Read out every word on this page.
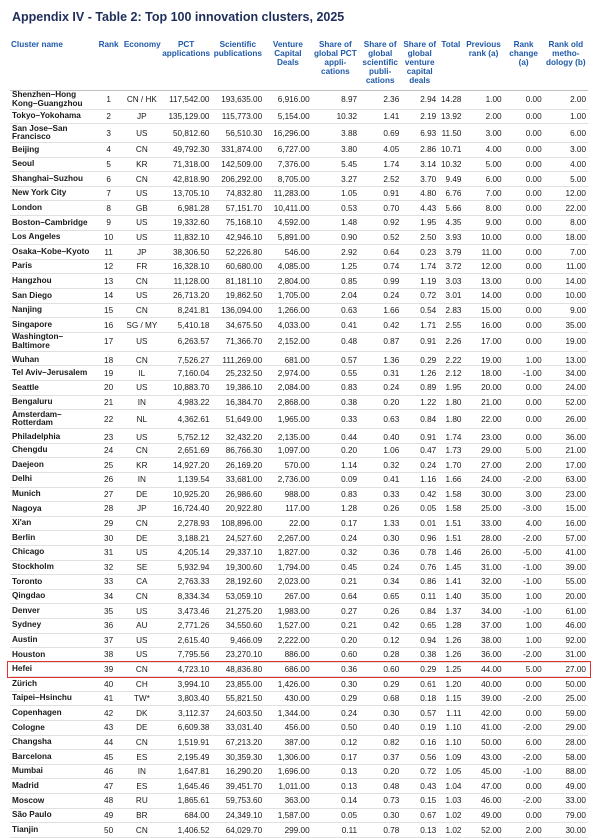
Appendix IV - Table 2: Top 100 innovation clusters, 2025
Cluster name	Rank	Economy	PCT applications	Scientific publications	Venture Capital Deals	Share of global PCT appli-cations	Share of global scientific publi-cations	Share of global venture capital deals	Total	Previous rank (a)	Rank change (a)	Rank old metho-dology (b)
Shenzhen–Hong Kong–Guangzhou	1	CN / HK	117,542.00	193,635.00	6,916.00	8.97	2.36	2.94	14.28	1.00	0.00	2.00
Tokyo–Yokohama	2	JP	135,129.00	115,773.00	5,154.00	10.32	1.41	2.19	13.92	2.00	0.00	1.00
San Jose–San Francisco	3	US	50,812.60	56,510.30	16,296.00	3.88	0.69	6.93	11.50	3.00	0.00	6.00
Beijing	4	CN	49,792.30	331,874.00	6,727.00	3.80	4.05	2.86	10.71	4.00	0.00	3.00
Seoul	5	KR	71,318.00	142,509.00	7,376.00	5.45	1.74	3.14	10.32	5.00	0.00	4.00
Shanghai–Suzhou	6	CN	42,818.90	206,292.00	8,705.00	3.27	2.52	3.70	9.49	6.00	0.00	5.00
New York City	7	US	13,705.10	74,832.80	11,283.00	1.05	0.91	4.80	6.76	7.00	0.00	12.00
London	8	GB	6,981.28	57,151.70	10,411.00	0.53	0.70	4.43	5.66	8.00	0.00	22.00
Boston–Cambridge	9	US	19,332.60	75,168.10	4,592.00	1.48	0.92	1.95	4.35	9.00	0.00	8.00
Los Angeles	10	US	11,832.10	42,946.10	5,891.00	0.90	0.52	2.50	3.93	10.00	0.00	18.00
Osaka–Kobe–Kyoto	11	JP	38,306.50	52,226.80	546.00	2.92	0.64	0.23	3.79	11.00	0.00	7.00
Paris	12	FR	16,328.10	60,680.00	4,085.00	1.25	0.74	1.74	3.72	12.00	0.00	11.00
Hangzhou	13	CN	11,128.00	81,181.10	2,804.00	0.85	0.99	1.19	3.03	13.00	0.00	14.00
San Diego	14	US	26,713.20	19,862.50	1,705.00	2.04	0.24	0.72	3.01	14.00	0.00	10.00
Nanjing	15	CN	8,241.81	136,094.00	1,266.00	0.63	1.66	0.54	2.83	15.00	0.00	9.00
Singapore	16	SG / MY	5,410.18	34,675.50	4,033.00	0.41	0.42	1.71	2.55	16.00	0.00	35.00
Washington–Baltimore	17	US	6,263.57	71,366.70	2,152.00	0.48	0.87	0.91	2.26	17.00	0.00	19.00
Wuhan	18	CN	7,526.27	111,269.00	681.00	0.57	1.36	0.29	2.22	19.00	1.00	13.00
Tel Aviv–Jerusalem	19	IL	7,160.04	25,232.50	2,974.00	0.55	0.31	1.26	2.12	18.00	-1.00	34.00
Seattle	20	US	10,883.70	19,386.10	2,084.00	0.83	0.24	0.89	1.95	20.00	0.00	24.00
Bengaluru	21	IN	4,983.22	16,384.70	2,868.00	0.38	0.20	1.22	1.80	21.00	0.00	52.00
Amsterdam–Rotterdam	22	NL	4,362.61	51,649.00	1,965.00	0.33	0.63	0.84	1.80	22.00	0.00	26.00
Philadelphia	23	US	5,752.12	32,432.20	2,135.00	0.44	0.40	0.91	1.74	23.00	0.00	36.00
Chengdu	24	CN	2,651.69	86,766.30	1,097.00	0.20	1.06	0.47	1.73	29.00	5.00	21.00
Daejeon	25	KR	14,927.20	26,169.20	570.00	1.14	0.32	0.24	1.70	27.00	2.00	17.00
Delhi	26	IN	1,139.54	33,681.00	2,736.00	0.09	0.41	1.16	1.66	24.00	-2.00	63.00
Munich	27	DE	10,925.20	26,986.60	988.00	0.83	0.33	0.42	1.58	30.00	3.00	23.00
Nagoya	28	JP	16,724.40	20,922.80	117.00	1.28	0.26	0.05	1.58	25.00	-3.00	15.00
Xi'an	29	CN	2,278.93	108,896.00	22.00	0.17	1.33	0.01	1.51	33.00	4.00	16.00
Berlin	30	DE	3,188.21	24,527.60	2,267.00	0.24	0.30	0.96	1.51	28.00	-2.00	57.00
Chicago	31	US	4,205.14	29,337.10	1,827.00	0.32	0.36	0.78	1.46	26.00	-5.00	41.00
Stockholm	32	SE	5,932.94	19,300.60	1,794.00	0.45	0.24	0.76	1.45	31.00	-1.00	39.00
Toronto	33	CA	2,763.33	28,192.60	2,023.00	0.21	0.34	0.86	1.41	32.00	-1.00	55.00
Qingdao	34	CN	8,334.34	53,059.10	267.00	0.64	0.65	0.11	1.40	35.00	1.00	20.00
Denver	35	US	3,473.46	21,275.20	1,983.00	0.27	0.26	0.84	1.37	34.00	-1.00	61.00
Sydney	36	AU	2,771.26	34,550.60	1,527.00	0.21	0.42	0.65	1.28	37.00	1.00	46.00
Austin	37	US	2,615.40	9,466.09	2,222.00	0.20	0.12	0.94	1.26	38.00	1.00	92.00
Houston	38	US	7,795.56	23,270.10	886.00	0.60	0.28	0.38	1.26	36.00	-2.00	31.00
Hefei	39	CN	4,723.10	48,836.80	686.00	0.36	0.60	0.29	1.25	44.00	5.00	27.00
Zürich	40	CH	3,994.10	23,855.00	1,426.00	0.30	0.29	0.61	1.20	40.00	0.00	50.00
Taipei–Hsinchu	41	TW*	3,803.40	55,821.50	430.00	0.29	0.68	0.18	1.15	39.00	-2.00	25.00
Copenhagen	42	DK	3,112.37	24,603.50	1,344.00	0.24	0.30	0.57	1.11	42.00	0.00	59.00
Cologne	43	DE	6,609.38	33,031.40	456.00	0.50	0.40	0.19	1.10	41.00	-2.00	29.00
Changsha	44	CN	1,519.91	67,213.20	387.00	0.12	0.82	0.16	1.10	50.00	6.00	28.00
Barcelona	45	ES	2,195.49	30,359.30	1,306.00	0.17	0.37	0.56	1.09	43.00	-2.00	58.00
Mumbai	46	IN	1,647.81	16,290.20	1,696.00	0.13	0.20	0.72	1.05	45.00	-1.00	88.00
Madrid	47	ES	1,645.46	39,451.70	1,011.00	0.13	0.48	0.43	1.04	47.00	0.00	49.00
Moscow	48	RU	1,865.61	59,753.60	363.00	0.14	0.73	0.15	1.03	46.00	-2.00	33.00
São Paulo	49	BR	684.00	24,349.10	1,587.00	0.05	0.30	0.67	1.02	49.00	0.00	79.00
Tianjin	50	CN	1,406.52	64,029.70	299.00	0.11	0.78	0.13	1.02	52.00	2.00	30.00
